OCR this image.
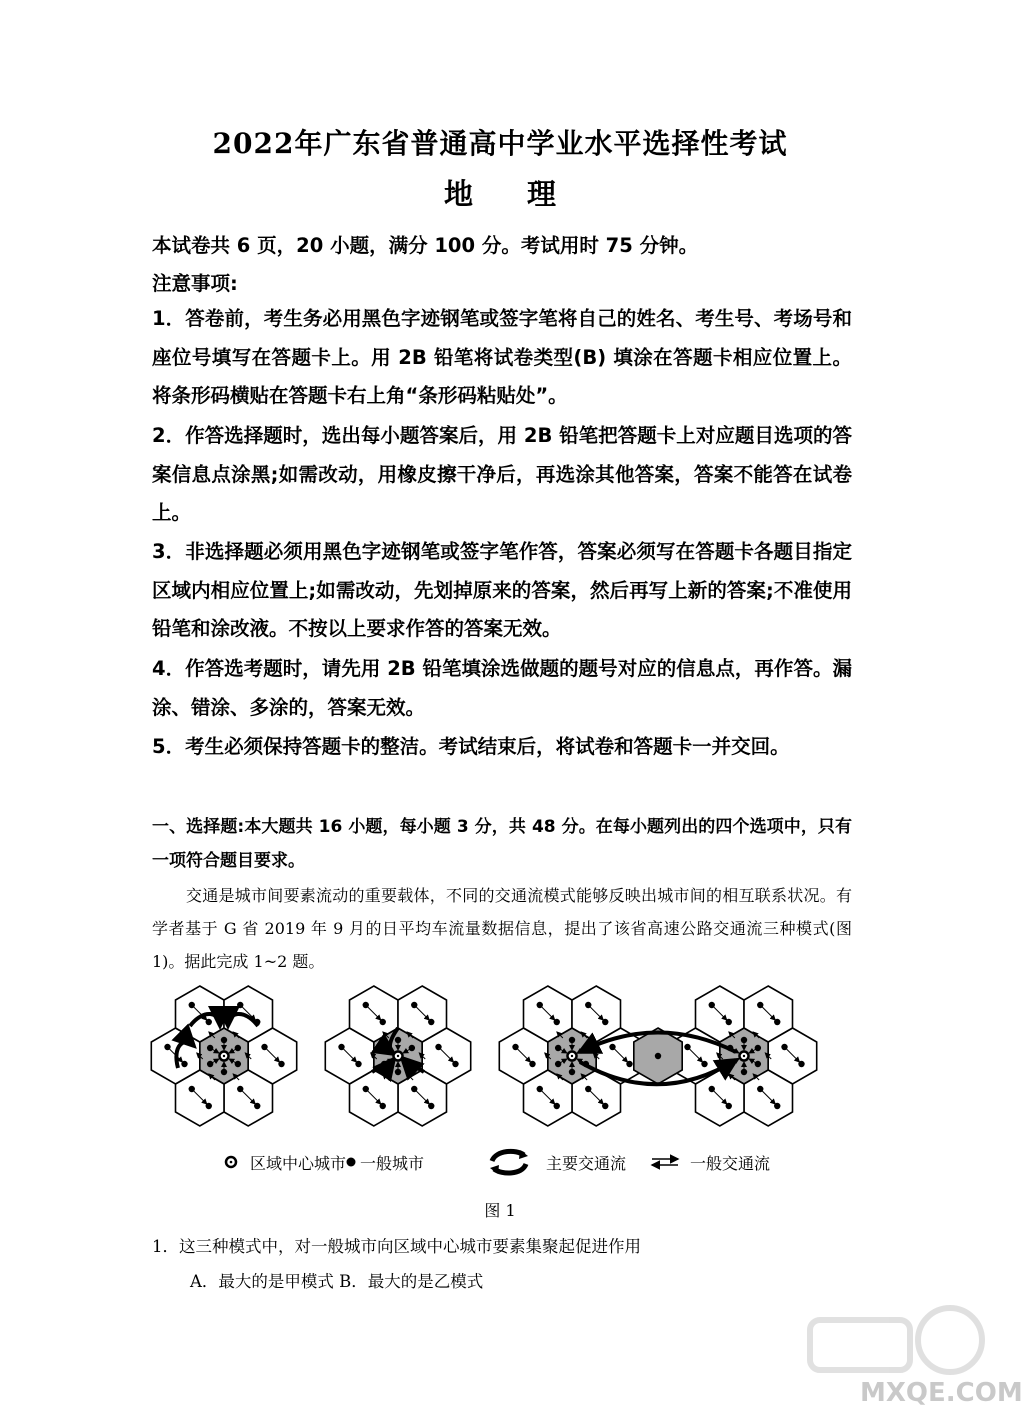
2022年广东省普通高中学业水平选择性考试
地 理
本试卷共 6 页，20 小题，满分 100 分。考试用时 75 分钟。
注意事项:
1．答卷前，考生务必用黑色字迹钢笔或签字笔将自己的姓名、考生号、考场号和座位号填写在答题卡上。用 2B 铅笔将试卷类型(B) 填涂在答题卡相应位置上。将条形码横贴在答题卡右上角“条形码粘贴处”。
2．作答选择题时，选出每小题答案后，用 2B 铅笔把答题卡上对应题目选项的答案信息点涂黑;如需改动，用橡皮擦干净后，再选涂其他答案，答案不能答在试卷上。
3．非选择题必须用黑色字迹钢笔或签字笔作答，答案必须写在答题卡各题目指定区域内相应位置上;如需改动，先划掉原来的答案，然后再写上新的答案;不准使用铅笔和涂改液。不按以上要求作答的答案无效。
4．作答选考题时，请先用 2B 铅笔填涂选做题的题号对应的信息点，再作答。漏涂、错涂、多涂的，答案无效。
5．考生必须保持答题卡的整洁。考试结束后，将试卷和答题卡一并交回。
一、选择题:本大题共 16 小题，每小题 3 分，共 48 分。在每小题列出的四个选项中，只有一项符合题目要求。
交通是城市间要素流动的重要载体，不同的交通流模式能够反映出城市间的相互联系状况。有学者基于 G 省 2019 年 9 月的日平均车流量数据信息，提出了该省高速公路交通流三种模式(图 1)。据此完成 1~2 题。
区域中心城市 一般城市	主要交通流	一般交通流
图 1
1．这三种模式中，对一般城市向区域中心城市要素集聚起促进作用
A．最大的是甲模式 B．最大的是乙模式
MXQE.COM
